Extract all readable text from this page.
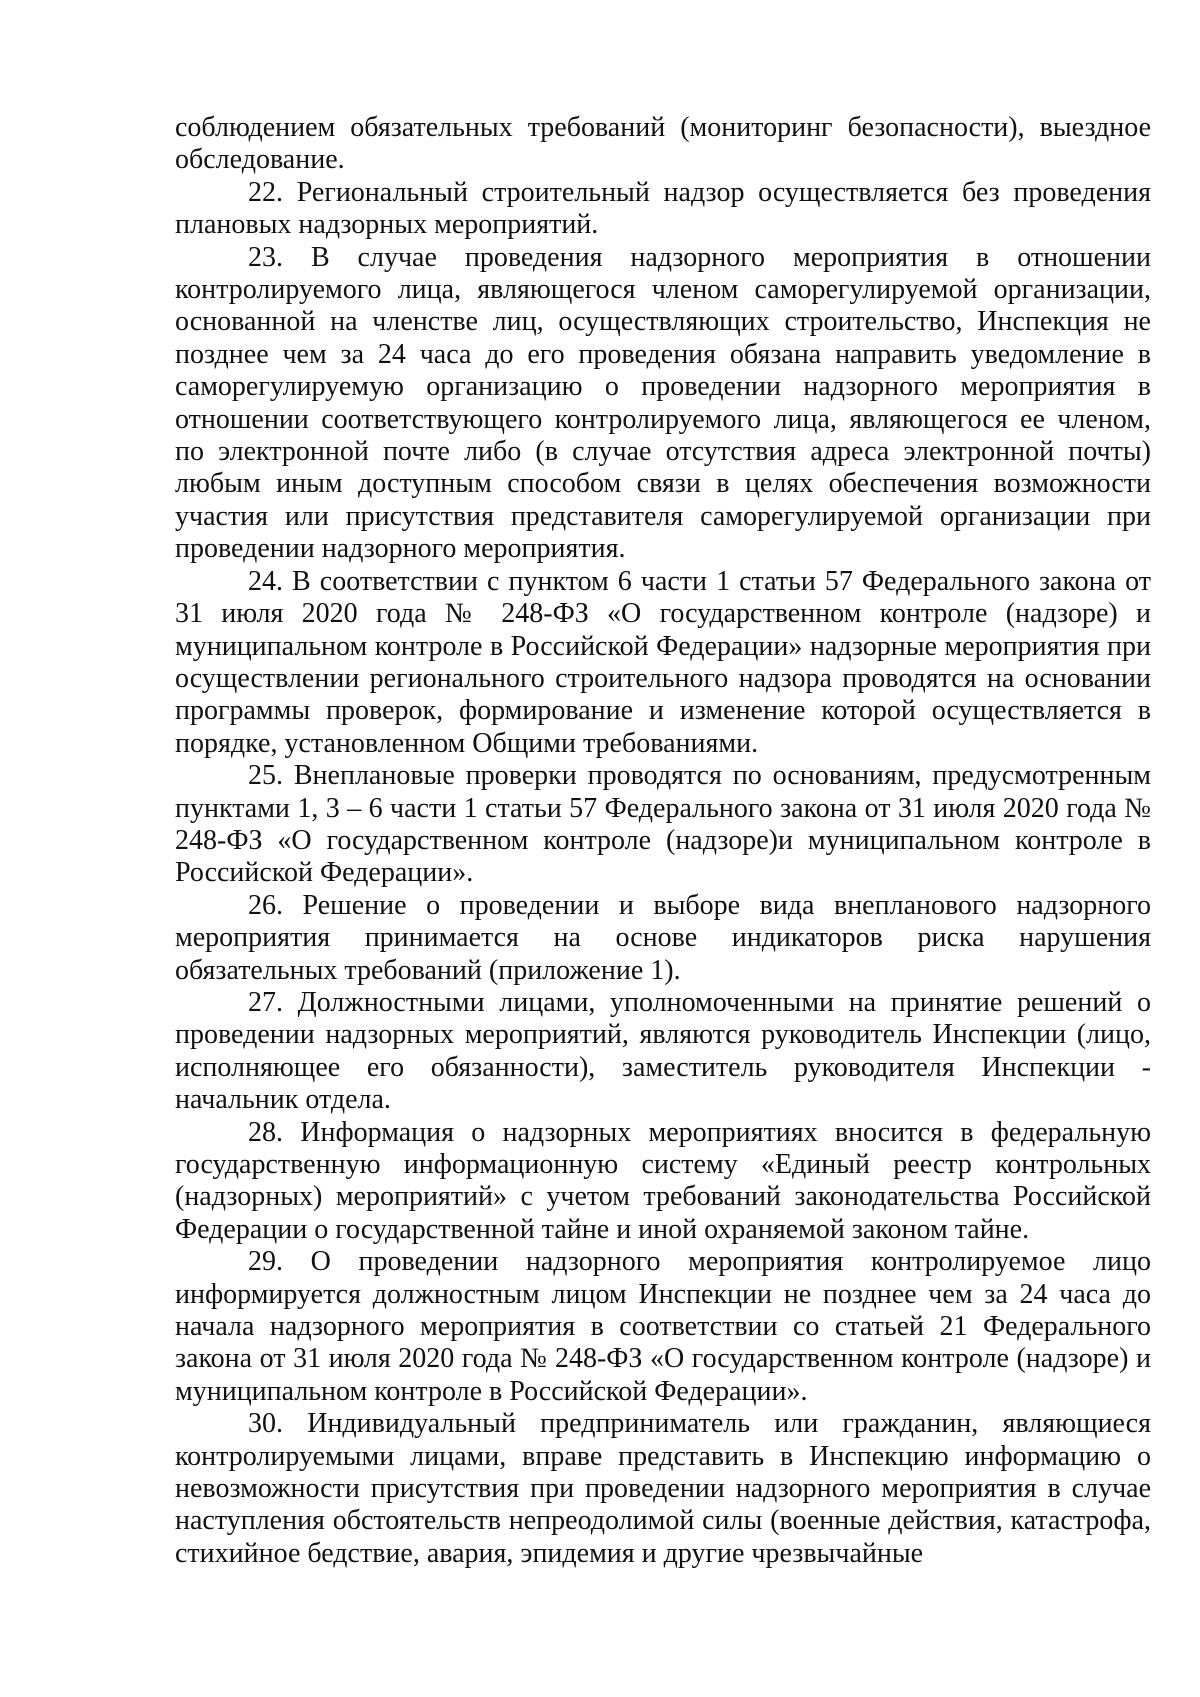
соблюдением обязательных требований (мониторинг безопасности), выездное обследование.

22. Региональный строительный надзор осуществляется без проведения плановых надзорных мероприятий.

23. В случае проведения надзорного мероприятия в отношении контролируемого лица, являющегося членом саморегулируемой организации, основанной на членстве лиц, осуществляющих строительство, Инспекция не позднее чем за 24 часа до его проведения обязана направить уведомление в саморегулируемую организацию о проведении надзорного мероприятия в отношении соответствующего контролируемого лица, являющегося ее членом, по электронной почте либо (в случае отсутствия адреса электронной почты) любым иным доступным способом связи в целях обеспечения возможности участия или присутствия представителя саморегулируемой организации при проведении надзорного мероприятия.

24. В соответствии с пунктом 6 части 1 статьи 57 Федерального закона от 31 июля 2020 года № 248-ФЗ «О государственном контроле (надзоре) и муниципальном контроле в Российской Федерации» надзорные мероприятия при осуществлении регионального строительного надзора проводятся на основании программы проверок, формирование и изменение которой осуществляется в порядке, установленном Общими требованиями.

25. Внеплановые проверки проводятся по основаниям, предусмотренным пунктами 1, 3 – 6 части 1 статьи 57 Федерального закона от 31 июля 2020 года № 248-ФЗ «О государственном контроле (надзоре)и муниципальном контроле в Российской Федерации».

26. Решение о проведении и выборе вида внепланового надзорного мероприятия принимается на основе индикаторов риска нарушения обязательных требований (приложение 1).

27. Должностными лицами, уполномоченными на принятие решений о проведении надзорных мероприятий, являются руководитель Инспекции (лицо, исполняющее его обязанности), заместитель руководителя Инспекции - начальник отдела.

28. Информация о надзорных мероприятиях вносится в федеральную государственную информационную систему «Единый реестр контрольных (надзорных) мероприятий» с учетом требований законодательства Российской Федерации о государственной тайне и иной охраняемой законом тайне.

29. О проведении надзорного мероприятия контролируемое лицо информируется должностным лицом Инспекции не позднее чем за 24 часа до начала надзорного мероприятия в соответствии со статьей 21 Федерального закона от 31 июля 2020 года № 248-ФЗ «О государственном контроле (надзоре) и муниципальном контроле в Российской Федерации».

30. Индивидуальный предприниматель или гражданин, являющиеся контролируемыми лицами, вправе представить в Инспекцию информацию о невозможности присутствия при проведении надзорного мероприятия в случае наступления обстоятельств непреодолимой силы (военные действия, катастрофа, стихийное бедствие, авария, эпидемия и другие чрезвычайные
